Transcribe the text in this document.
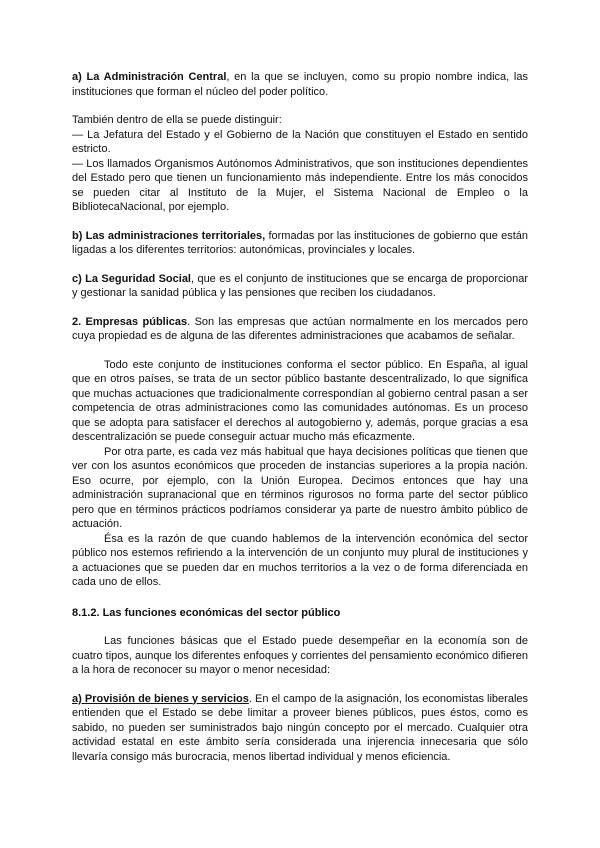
a) La Administración Central, en la que se incluyen, como su propio nombre indica, las instituciones que forman el núcleo del poder político.

También dentro de ella se puede distinguir:

— La Jefatura del Estado y el Gobierno de la Nación que constituyen el Estado en sentido estricto.

— Los llamados Organismos Autónomos Administrativos, que son instituciones dependientes del Estado pero que tienen un funcionamiento más independiente. Entre los más conocidos se pueden citar al Instituto de la Mujer, el Sistema Nacional de Empleo o la BibliotecaNacional, por ejemplo.

b) Las administraciones territoriales, formadas por las instituciones de gobierno que están ligadas a los diferentes territorios: autonómicas, provinciales y locales.

c) La Seguridad Social, que es el conjunto de instituciones que se encarga de proporcionar y gestionar la sanidad pública y las pensiones que reciben los ciudadanos.

2. Empresas públicas. Son las empresas que actúan normalmente en los mercados pero cuya propiedad es de alguna de las diferentes administraciones que acabamos de señalar.

Todo este conjunto de instituciones conforma el sector público. En España, al igual que en otros países, se trata de un sector público bastante descentralizado, lo que significa que muchas actuaciones que tradicionalmente correspondían al gobierno central pasan a ser competencia de otras administraciones como las comunidades autónomas. Es un proceso que se adopta para satisfacer el derechos al autogobierno y, además, porque gracias a esa descentralización se puede conseguir actuar mucho más eficazmente.

Por otra parte, es cada vez más habitual que haya decisiones políticas que tienen que ver con los asuntos económicos que proceden de instancias superiores a la propia nación. Eso ocurre, por ejemplo, con la Unión Europea. Decimos entonces que hay una administración supranacional que en términos rigurosos no forma parte del sector público pero que en términos prácticos podríamos considerar ya parte de nuestro ámbito público de actuación.

Ésa es la razón de que cuando hablemos de la intervención económica del sector público nos estemos refiriendo a la intervención de un conjunto muy plural de instituciones y a actuaciones que se pueden dar en muchos territorios a la vez o de forma diferenciada en cada uno de ellos.

8.1.2. Las funciones económicas del sector público

Las funciones básicas que el Estado puede desempeñar en la economía son de cuatro tipos, aunque los diferentes enfoques y corrientes del pensamiento económico difieren a la hora de reconocer su mayor o menor necesidad:

a) Provisión de bienes y servicios. En el campo de la asignación, los economistas liberales entienden que el Estado se debe limitar a proveer bienes públicos, pues éstos, como es sabido, no pueden ser suministrados bajo ningún concepto por el mercado. Cualquier otra actividad estatal en este ámbito sería considerada una injerencia innecesaria que sólo llevaría consigo más burocracia, menos libertad individual y menos eficiencia.
